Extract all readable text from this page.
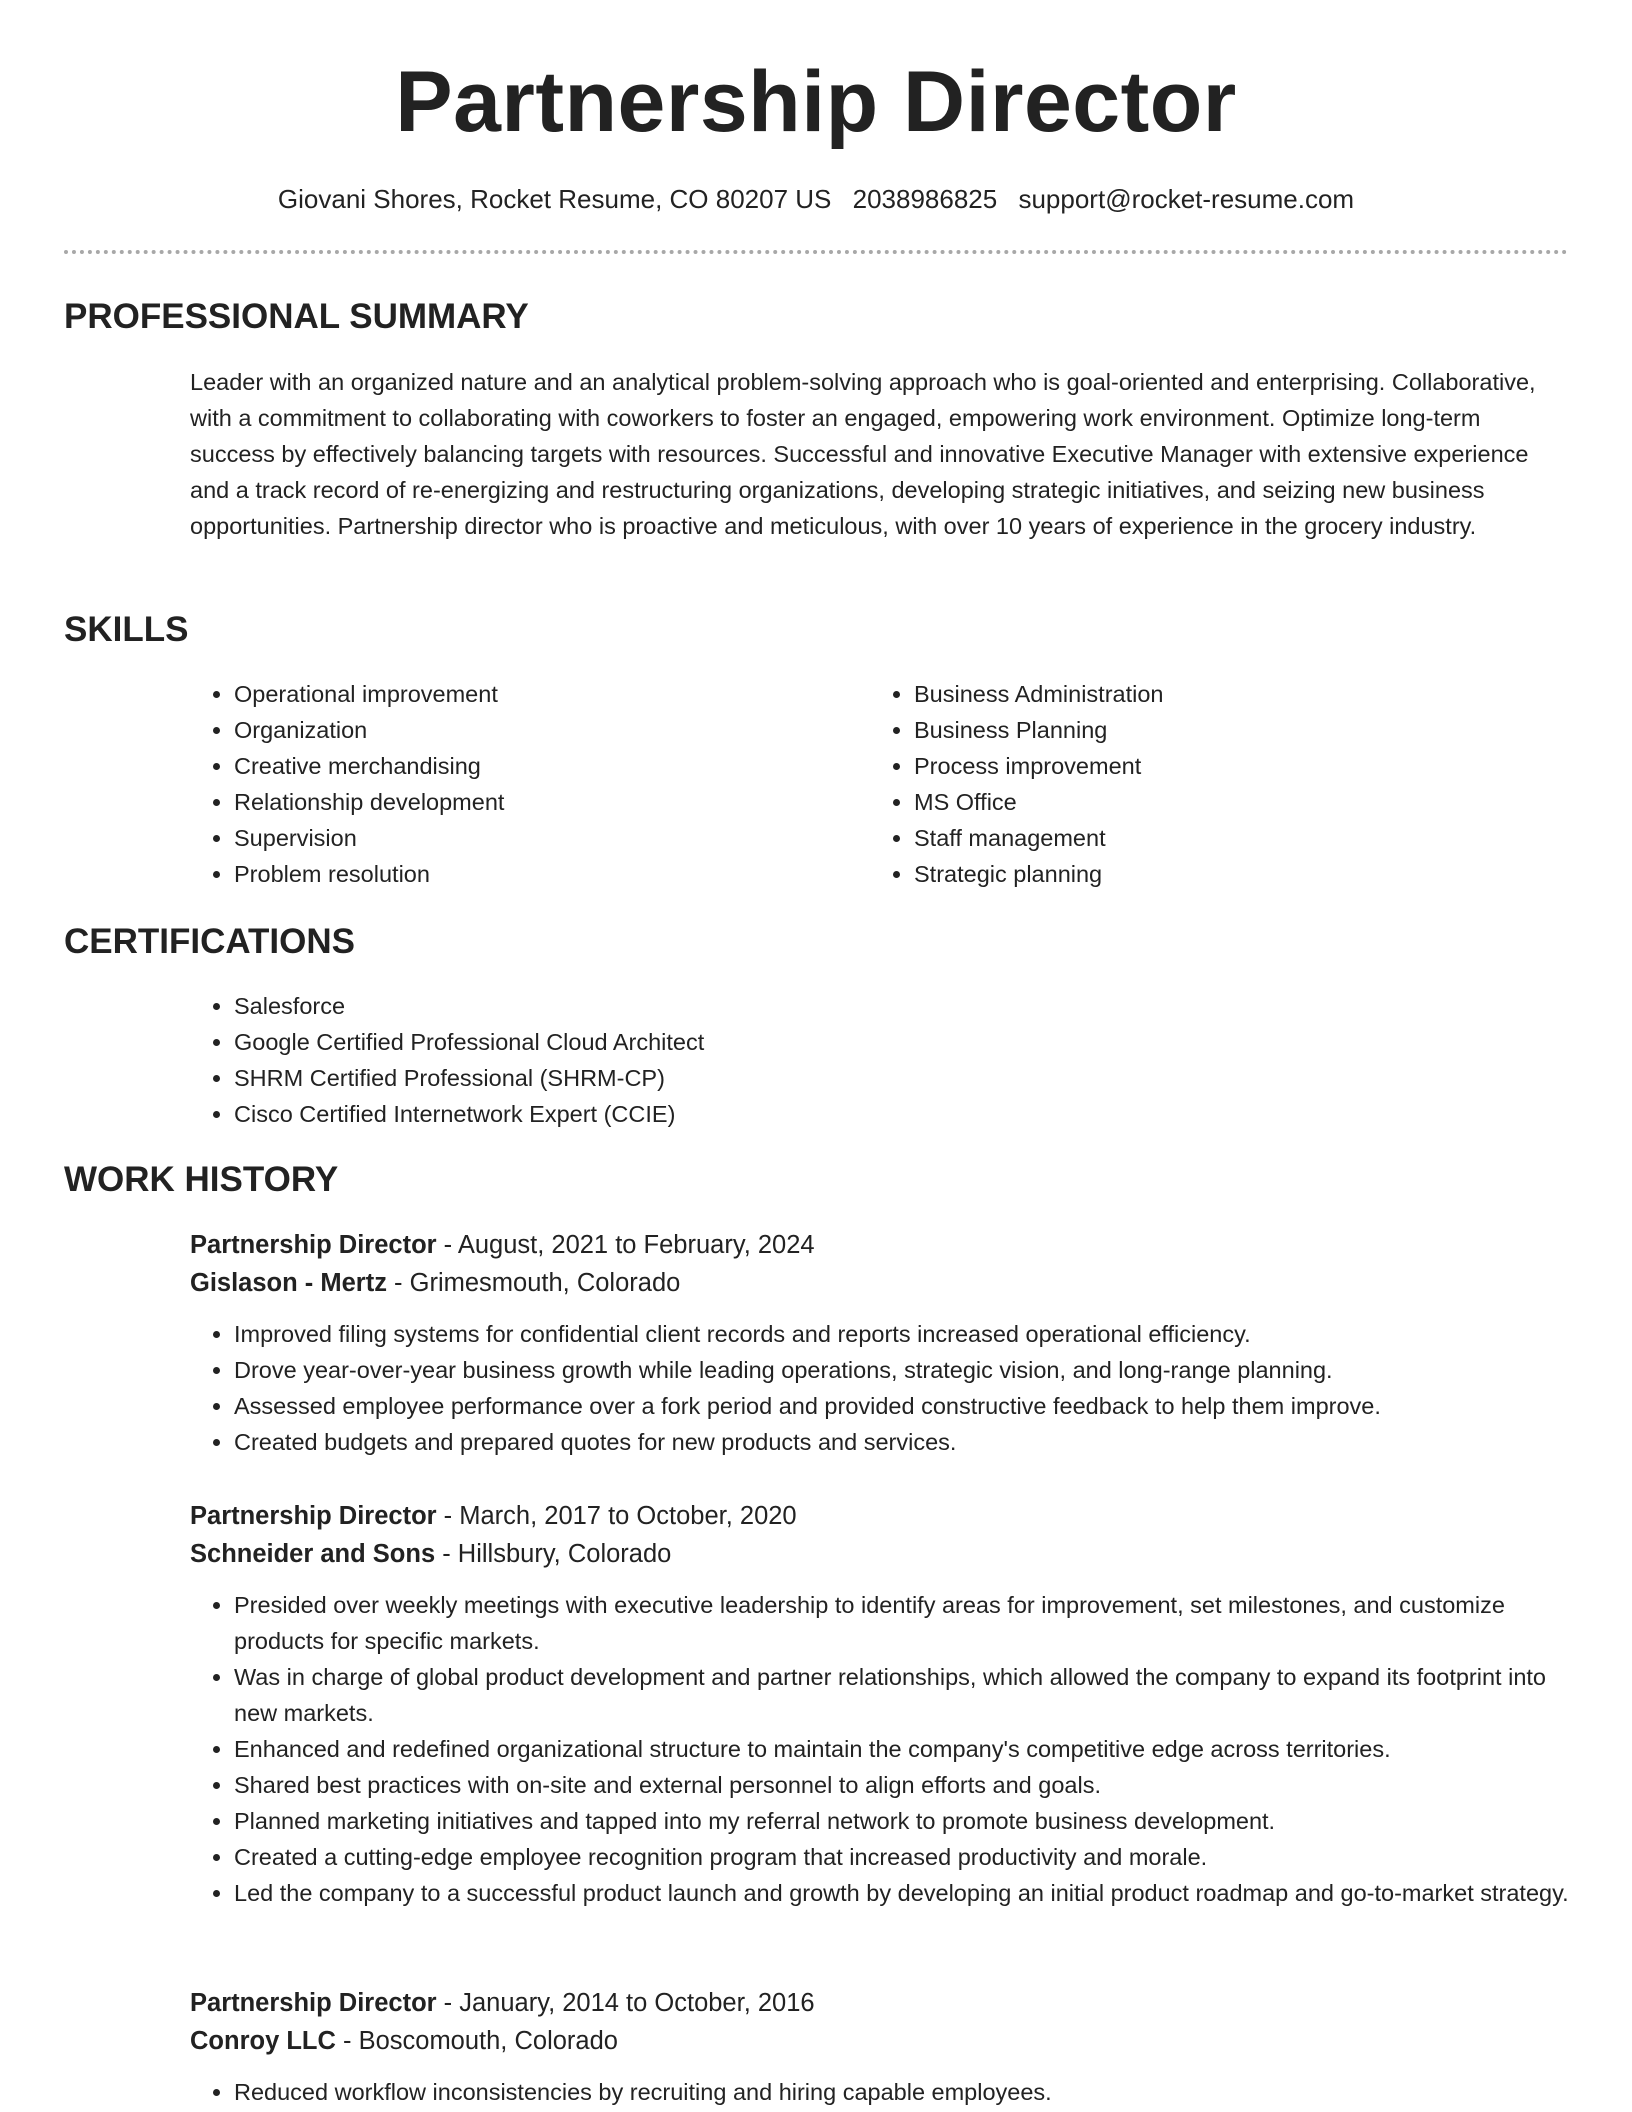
Partnership Director
Giovani Shores, Rocket Resume, CO 80207 US 2038986825 support@rocket-resume.com
PROFESSIONAL SUMMARY

Leader with an organized nature and an analytical problem-solving approach who is goal-oriented and enterprising. Collaborative, with a commitment to collaborating with coworkers to foster an engaged, empowering work environment. Optimize long-term success by effectively balancing targets with resources. Successful and innovative Executive Manager with extensive experience and a track record of re-energizing and restructuring organizations, developing strategic initiatives, and seizing new business opportunities. Partnership director who is proactive and meticulous, with over 10 years of experience in the grocery industry.

SKILLS
• Operational improvement
• Organization
• Creative merchandising
• Relationship development
• Supervision
• Problem resolution
• Business Administration
• Business Planning
• Process improvement
• MS Office
• Staff management
• Strategic planning
CERTIFICATIONS
• Salesforce
• Google Certified Professional Cloud Architect
• SHRM Certified Professional (SHRM-CP)
• Cisco Certified Internetwork Expert (CCIE)
WORK HISTORY
Partnership Director - August, 2021 to February, 2024
Gislason - Mertz - Grimesmouth, Colorado
• Improved filing systems for confidential client records and reports increased operational efficiency.
• Drove year-over-year business growth while leading operations, strategic vision, and long-range planning.
• Assessed employee performance over a fork period and provided constructive feedback to help them improve.
• Created budgets and prepared quotes for new products and services.
Partnership Director - March, 2017 to October, 2020
Schneider and Sons - Hillsbury, Colorado
• Presided over weekly meetings with executive leadership to identify areas for improvement, set milestones, and customize products for specific markets.
• Was in charge of global product development and partner relationships, which allowed the company to expand its footprint into new markets.
• Enhanced and redefined organizational structure to maintain the company's competitive edge across territories.
• Shared best practices with on-site and external personnel to align efforts and goals.
• Planned marketing initiatives and tapped into my referral network to promote business development.
• Created a cutting-edge employee recognition program that increased productivity and morale.
• Led the company to a successful product launch and growth by developing an initial product roadmap and go-to-market strategy.
Partnership Director - January, 2014 to October, 2016
Conroy LLC - Boscomouth, Colorado
• Reduced workflow inconsistencies by recruiting and hiring capable employees.
